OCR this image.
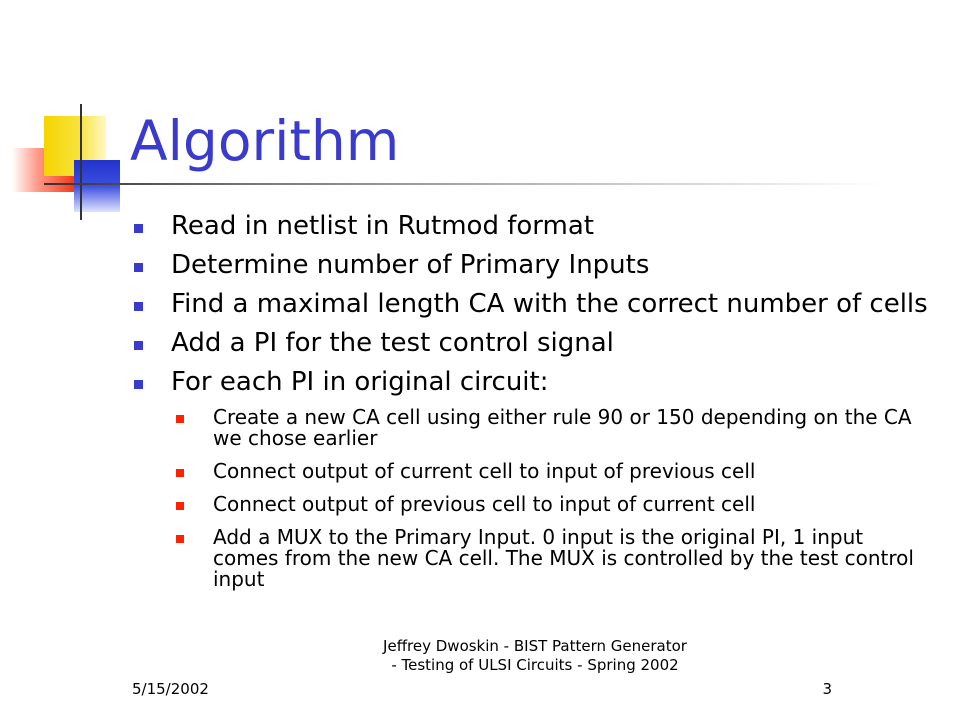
Algorithm
Read in netlist in Rutmod format
Determine number of Primary Inputs
Find a maximal length CA with the correct number of cells
Add a PI for the test control signal
For each PI in original circuit:
Create a new CA cell using either rule 90 or 150 depending on the CA we chose earlier
Connect output of current cell to input of previous cell
Connect output of previous cell to input of current cell
Add a MUX to the Primary Input. 0 input is the original PI, 1 input comes from the new CA cell. The MUX is controlled by the test control input
5/15/2002
Jeffrey Dwoskin - BIST Pattern Generator - Testing of ULSI Circuits - Spring 2002
3
